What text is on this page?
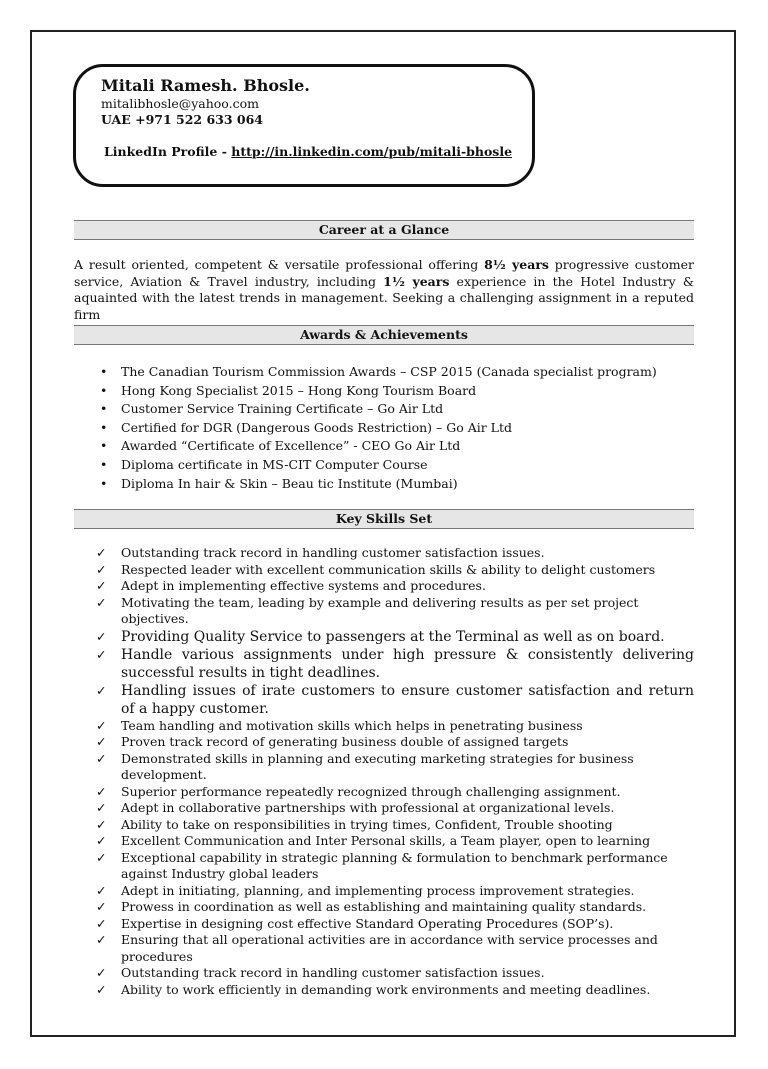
Mitali Ramesh. Bhosle.
mitalibhosle@yahoo.com
UAE +971 522 633 064
LinkedIn Profile - http://in.linkedin.com/pub/mitali-bhosle
Career at a Glance

A result oriented, competent & versatile professional offering 8½ years progressive customer service, Aviation & Travel industry, including 1½ years experience in the Hotel Industry & aquainted with the latest trends in management. Seeking a challenging assignment in a reputed firm

Awards & Achievements
• The Canadian Tourism Commission Awards – CSP 2015 (Canada specialist program)
• Hong Kong Specialist 2015 – Hong Kong Tourism Board
• Customer Service Training Certificate – Go Air Ltd
• Certified for DGR (Dangerous Goods Restriction) – Go Air Ltd
• Awarded “Certificate of Excellence” - CEO Go Air Ltd
• Diploma certificate in MS-CIT Computer Course
• Diploma In hair & Skin – Beau tic Institute (Mumbai)
Key Skills Set
✓ Outstanding track record in handling customer satisfaction issues.
✓ Respected leader with excellent communication skills & ability to delight customers
✓ Adept in implementing effective systems and procedures.
✓ Motivating the team, leading by example and delivering results as per set project objectives.
✓ Providing Quality Service to passengers at the Terminal as well as on board.
✓ Handle various assignments under high pressure & consistently delivering successful results in tight deadlines.
✓ Handling issues of irate customers to ensure customer satisfaction and return of a happy customer.
✓ Team handling and motivation skills which helps in penetrating business
✓ Proven track record of generating business double of assigned targets
✓ Demonstrated skills in planning and executing marketing strategies for business development.
✓ Superior performance repeatedly recognized through challenging assignment.
✓ Adept in collaborative partnerships with professional at organizational levels.
✓ Ability to take on responsibilities in trying times, Confident, Trouble shooting
✓ Excellent Communication and Inter Personal skills, a Team player, open to learning
✓ Exceptional capability in strategic planning & formulation to benchmark performance against Industry global leaders
✓ Adept in initiating, planning, and implementing process improvement strategies.
✓ Prowess in coordination as well as establishing and maintaining quality standards.
✓ Expertise in designing cost effective Standard Operating Procedures (SOP’s).
✓ Ensuring that all operational activities are in accordance with service processes and procedures
✓ Outstanding track record in handling customer satisfaction issues.
✓ Ability to work efficiently in demanding work environments and meeting deadlines.
